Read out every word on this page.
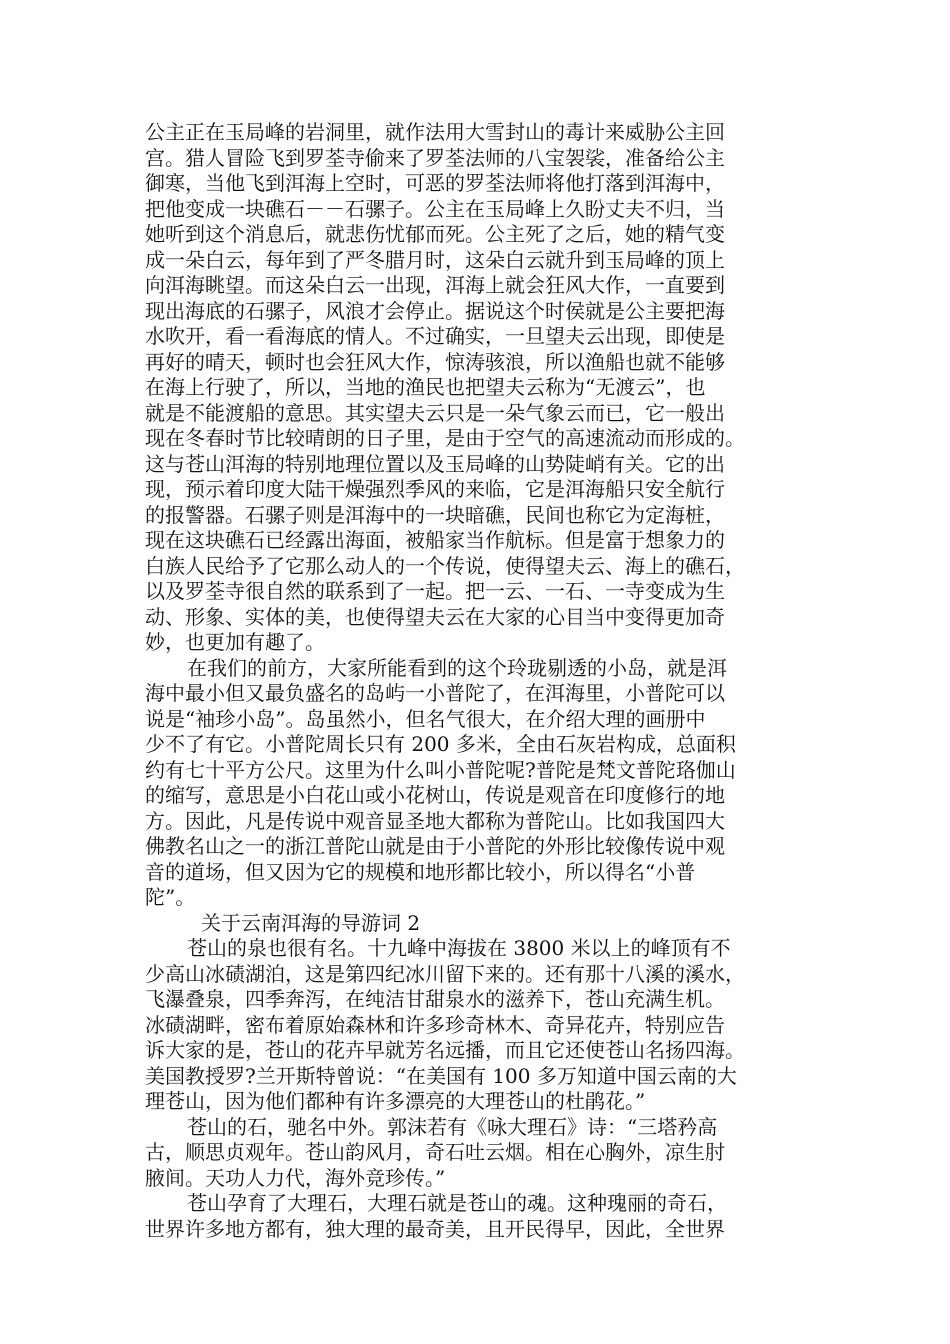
公主正在玉局峰的岩洞里，就作法用大雪封山的毒计来威胁公主回
宫。猎人冒险飞到罗荃寺偷来了罗荃法师的八宝袈裟，准备给公主
御寒，当他飞到洱海上空时，可恶的罗荃法师将他打落到洱海中，
把他变成一块礁石－－石骡子。公主在玉局峰上久盼丈夫不归，当
她听到这个消息后，就悲伤忧郁而死。公主死了之后，她的精气变
成一朵白云，每年到了严冬腊月时，这朵白云就升到玉局峰的顶上
向洱海眺望。而这朵白云一出现，洱海上就会狂风大作，一直要到
现出海底的石骡子，风浪才会停止。据说这个时侯就是公主要把海
水吹开，看一看海底的情人。不过确实，一旦望夫云出现，即使是
再好的晴天，顿时也会狂风大作，惊涛骇浪，所以渔船也就不能够
在海上行驶了，所以，当地的渔民也把望夫云称为“无渡云”，也
就是不能渡船的意思。其实望夫云只是一朵气象云而已，它一般出
现在冬春时节比较晴朗的日子里，是由于空气的高速流动而形成的。
这与苍山洱海的特别地理位置以及玉局峰的山势陡峭有关。它的出
现，预示着印度大陆干燥强烈季风的来临，它是洱海船只安全航行
的报警器。石骡子则是洱海中的一块暗礁，民间也称它为定海桩，
现在这块礁石已经露出海面，被船家当作航标。但是富于想象力的
白族人民给予了它那么动人的一个传说，使得望夫云、海上的礁石，
以及罗荃寺很自然的联系到了一起。把一云、一石、一寺变成为生
动、形象、实体的美，也使得望夫云在大家的心目当中变得更加奇
妙，也更加有趣了。
在我们的前方，大家所能看到的这个玲珑剔透的小岛，就是洱
海中最小但又最负盛名的岛屿一小普陀了，在洱海里，小普陀可以
说是“袖珍小岛”。岛虽然小，但名气很大，在介绍大理的画册中
少不了有它。小普陀周长只有 200 多米，全由石灰岩构成，总面积
约有七十平方公尺。这里为什么叫小普陀呢?普陀是梵文普陀珞伽山
的缩写，意思是小白花山或小花树山，传说是观音在印度修行的地
方。因此，凡是传说中观音显圣地大都称为普陀山。比如我国四大
佛教名山之一的浙江普陀山就是由于小普陀的外形比较像传说中观
音的道场，但又因为它的规模和地形都比较小，所以得名“小普
陀”。
关于云南洱海的导游词 2
苍山的泉也很有名。十九峰中海拔在 3800 米以上的峰顶有不
少高山冰碛湖泊，这是第四纪冰川留下来的。还有那十八溪的溪水，
飞瀑叠泉，四季奔泻，在纯洁甘甜泉水的滋养下，苍山充满生机。
冰碛湖畔，密布着原始森林和许多珍奇林木、奇异花卉，特别应告
诉大家的是，苍山的花卉早就芳名远播，而且它还使苍山名扬四海。
美国教授罗?兰开斯特曾说：“在美国有 100 多万知道中国云南的大
理苍山，因为他们都种有许多漂亮的大理苍山的杜鹃花。”
苍山的石，驰名中外。郭沫若有《咏大理石》诗：“三塔矜高
古，顺思贞观年。苍山韵风月，奇石吐云烟。相在心胸外，凉生肘
腋间。天功人力代，海外竞珍传。”
苍山孕育了大理石，大理石就是苍山的魂。这种瑰丽的奇石，
世界许多地方都有，独大理的最奇美，且开民得早，因此，全世界
